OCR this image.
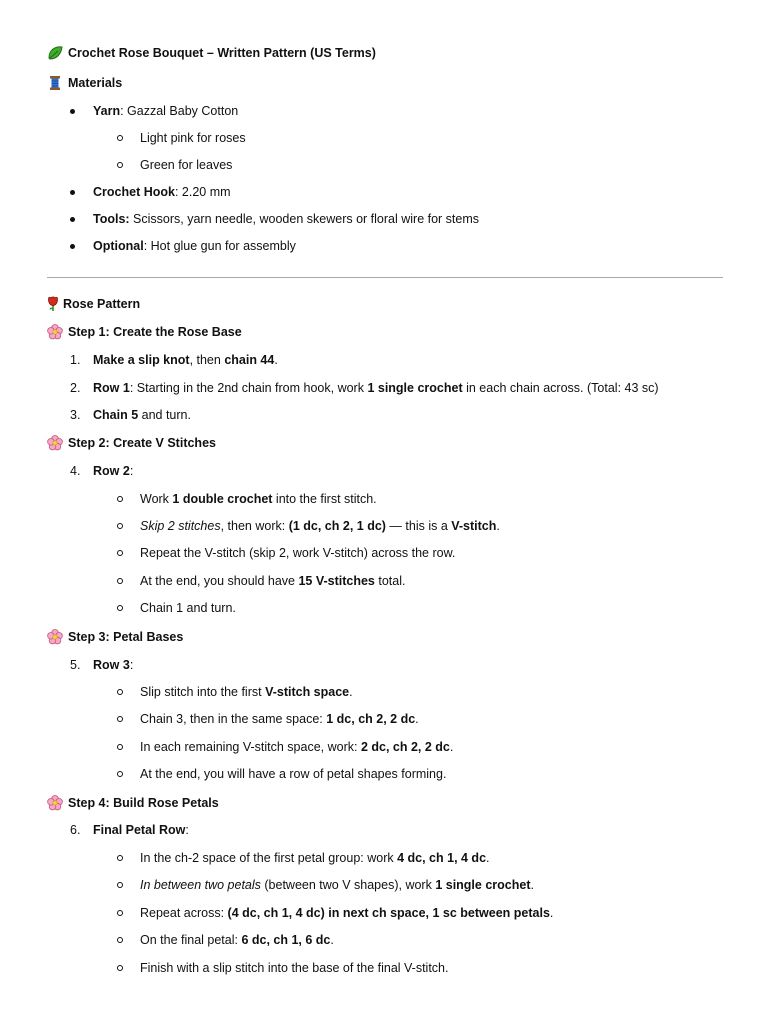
Crochet Rose Bouquet – Written Pattern (US Terms)
Materials
Yarn: Gazzal Baby Cotton
Light pink for roses
Green for leaves
Crochet Hook: 2.20 mm
Tools: Scissors, yarn needle, wooden skewers or floral wire for stems
Optional: Hot glue gun for assembly
Rose Pattern
Step 1: Create the Rose Base
1. Make a slip knot, then chain 44.
2. Row 1: Starting in the 2nd chain from hook, work 1 single crochet in each chain across. (Total: 43 sc)
3. Chain 5 and turn.
Step 2: Create V Stitches
4. Row 2:
Work 1 double crochet into the first stitch.
Skip 2 stitches, then work: (1 dc, ch 2, 1 dc) — this is a V-stitch.
Repeat the V-stitch (skip 2, work V-stitch) across the row.
At the end, you should have 15 V-stitches total.
Chain 1 and turn.
Step 3: Petal Bases
5. Row 3:
Slip stitch into the first V-stitch space.
Chain 3, then in the same space: 1 dc, ch 2, 2 dc.
In each remaining V-stitch space, work: 2 dc, ch 2, 2 dc.
At the end, you will have a row of petal shapes forming.
Step 4: Build Rose Petals
6. Final Petal Row:
In the ch-2 space of the first petal group: work 4 dc, ch 1, 4 dc.
In between two petals (between two V shapes), work 1 single crochet.
Repeat across: (4 dc, ch 1, 4 dc) in next ch space, 1 sc between petals.
On the final petal: 6 dc, ch 1, 6 dc.
Finish with a slip stitch into the base of the final V-stitch.
